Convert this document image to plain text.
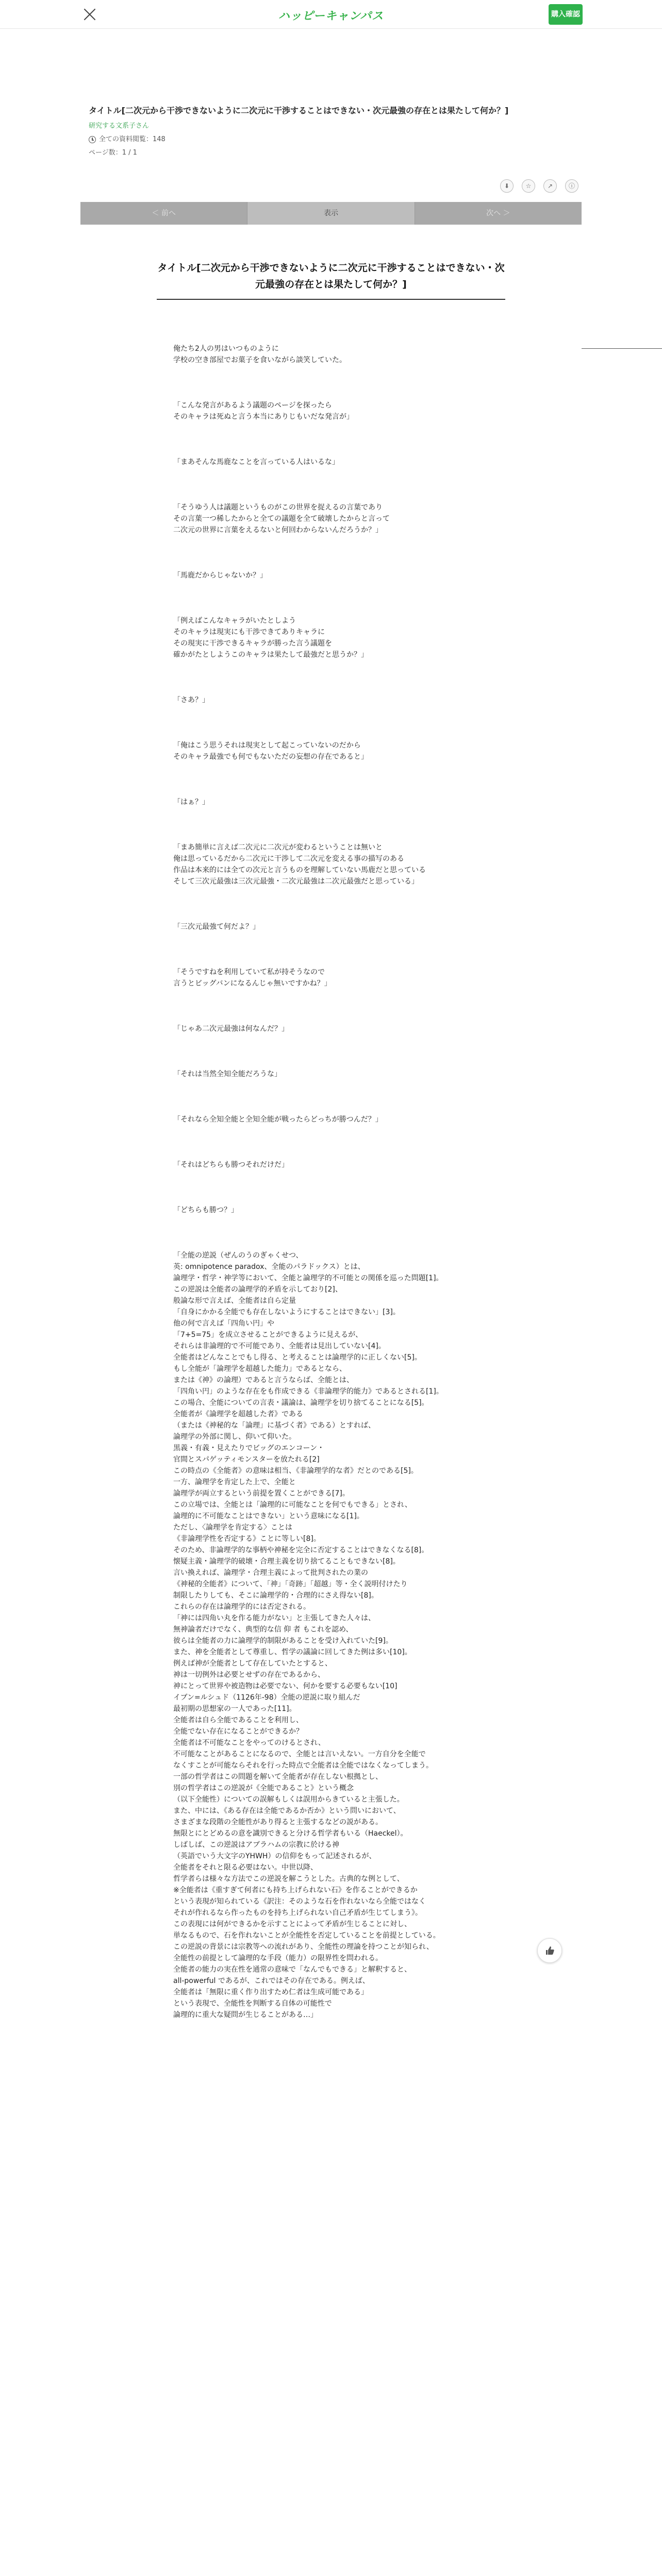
ハッピーキャンパス	購入確認
タイトル[二次元から干渉できないように二次元に干渉することはできない・次元最強の存在とは果たして何か？]
研究する文系子さん
全ての資料閲覧：148
ページ数：1 / 1
⬇	☆	↗	ⓘ
＜ 前へ	表示	次へ ＞
タイトル[二次元から干渉できないように二次元に干渉することはできない・次元最強の存在とは果たして何か？]

俺たち2人の男はいつものように
学校の空き部屋でお菓子を食いながら談笑していた。

「こんな発言があるよう議題のページを探ったら
そのキャラは死ぬと言う本当にありじもいだな発言が」

「まあそんな馬鹿なことを言っている人はいるな」

「そうゆう人は議題というものがこの世界を捉えるの言葉であり
その言葉一つ稀したからと全ての議題を全て破壊したからと言って
二次元の世界に言葉をえるないと何回わからないんだろうか？」

「馬鹿だからじゃないか？」

「例えばこんなキャラがいたとしよう
そのキャラは現実にも干渉できてありキャラに
その現実に干渉できるキャラが勝った言う議題を
確かがたとしようこのキャラは果たして最強だと思うか？」

「さあ？」

「俺はこう思うそれは現実として起こっていないのだから
そのキャラ最強でも何でもないただの妄想の存在であると」

「はぁ？」

「まあ簡単に言えば二次元に二次元が変わるということは無いと
俺は思っているだから二次元に干渉して二次元を変える事の描写のある
作品は本来的には全ての次元と言うものを理解していない馬鹿だと思っている
そして三次元最強は三次元最強・二次元最強は二次元最強だと思っている」

「三次元最強て何だよ？」

「そうですねを利用していて私が持そうなので
言うとビッグバンになるんじゃ無いですかね？」

「じゃあ二次元最強は何なんだ？」

「それは当然全知全能だろうな」

「それなら全知全能と全知全能が戦ったらどっちが勝つんだ？」

「それはどちらも勝つそれだけだ」

「どちらも勝つ？」

「全能の逆説（ぜんのうのぎゃくせつ、
英: omnipotence paradox、全能のパラドックス）とは、
論理学・哲学・神学等において、全能と論理学的不可能との関係を巡った問題[1]。
この逆説は全能者の論理学的矛盾を示しており[2]、
般論な形で言えば、全能者は自ら定量
「自身にかかる全能でも存在しないようにすることはできない」[3]。
他の何で言えば「四角い円」や
「7+5=75」を成立させることができるように見えるが、
それらは非論理的で不可能であり、全能者は見出していない[4]。
全能者はどんなことでもし得る、と考えることは論理学的に正しくない[5]。
もし全能が「論理学を超越した能力」であるとなら、
または《神》の論理）であると言うならば、全能とは、
「四角い円」のような存在をも作成できる《非論理学的能力》であるとされる[1]。
この場合、全能についての言表・議論は、論理学を切り捨てることになる[5]。
全能者が《論理学を超越した者》である
（または《神秘的な「論理」に基づく者》である）とすれば、
論理学の外部に関し、仰いて仰いた。
黒義・有義・見えたりでビッグのエンコーン・
官間とスパゲッティモンスターを放たれる[2]
この時点の《全能者》の意味は相当、《非論理学的な者》だとのである[5]。
一方、論理学を肯定した上で、全能と
論理学が両立するという前提を置くことができる[7]。
この立場では、全能とは「論理的に可能なことを何でもできる」とされ、
論理的に不可能なことはできない」という意味になる[1]。
ただし、〈論理学を肯定する〉ことは
《非論理学性を否定する》ことに等しい[8]。
そのため、非論理学的な事柄や神秘を完全に否定することはできなくなる[8]。
懐疑主義・論理学的破壊・合理主義を切り捨てることもできない[8]。
言い換えれば、論理学・合理主義によって批判されたの業の
《神秘的全能者》について、「神」「奇跡」「超越」等・全く説明付けたり
制限したりしても、そこに論理学的・合理的にさえ得ない[8]。
これらの存在は論理学的には否定される。
「神には四角い丸を作る能力がない」と主張してきた人々は、
無神論者だけでなく、典型的な信 仰 者 もこれを認め、
彼らは全能者の力に論理学的制限があることを受け入れていた[9]。
また、神を全能者として尊重し、哲学の議論に回してきた例は多い[10]。
例えば神が全能者として存在していたとすると、
神は一切例外は必要とせずの存在であるから、
神にとって世界や被造物は必要でない、何かを要する必要もない[10]
イブン=ルシュド（1126年-98）全能の逆説に取り組んだ
最初期の思想家の一人であった[11]。
全能者は自ら全能であることを利用し、
全能でない存在になることができるか？
全能者は不可能なことをやってのけるとされ、
不可能なことがあることになるので、全能とは言いえない。一方自分を全能で
なくすことが可能ならそれを行った時点で全能者は全能ではなくなってしまう。
一部の哲学者はこの問題を解いて全能者が存在しない根拠とし、
別の哲学者はこの逆説が《全能であること》という概念
（以下全能性）についての誤解もしくは誤用からきていると主張した。
また、中には、《ある存在は全能であるか否か》という問いにおいて、
さまざまな段階の全能性があり得ると主張するなどの説がある。
無限とにとどめるの意を識別できると分ける哲学者もいる（Haeckel）。
しばしば、この逆説はアブラハムの宗教に於ける神
（英語でいう大文字のYHWH）の信仰をもって記述されるが、
全能者をそれと限る必要はない。中世以降、
哲学者らは様々な方法でこの逆説を解こうとした。古典的な例として、
※全能者は《重すぎて何者にも持ち上げられない石》を作ることができるか
という表現が知られている《訳注：そのような石を作れないなら全能ではなく
それが作れるなら作ったものを持ち上げられない自己矛盾が生じてしまう》。
この表現には何ができるかを示すことによって矛盾が生じることに対し、
単なるもので、石を作れないことが全能性を否定していることを前提としている。
この逆説の背景には宗教等への流れがあり、全能性の理論を持つことが知られ、
全能性の前提として論理的な手段（能力）の限界性を問われる。
全能者の能力の実在性を通常の意味で「なんでもできる」と解釈すると、
all-powerful であるが、これではその存在である。例えば、
全能者は「無限に重く作り出すため仁者は生成可能である」
という表現で、全能性を判断する自体の可能性で
論理的に重大な疑問が生じることがある…」
